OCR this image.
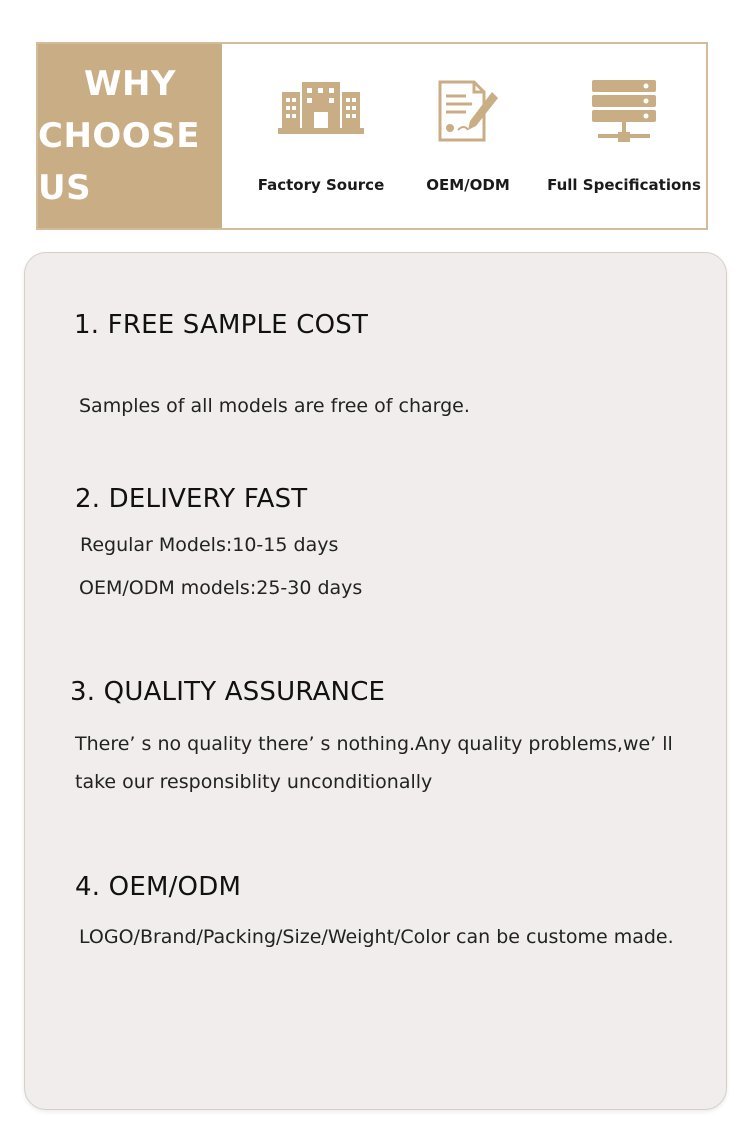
WHY
CHOOSE US	Factory Source	OEM/ODM	Full Specifications
1. FREE SAMPLE COST
Samples of all models are free of charge.
2. DELIVERY FAST
Regular Models:10-15 days
OEM/ODM models:25-30 days
3. QUALITY ASSURANCE
There’ s no quality there’ s nothing.Any quality problems,we’ ll
take our responsiblity unconditionally
4. OEM/ODM
LOGO/Brand/Packing/Size/Weight/Color can be custome made.
